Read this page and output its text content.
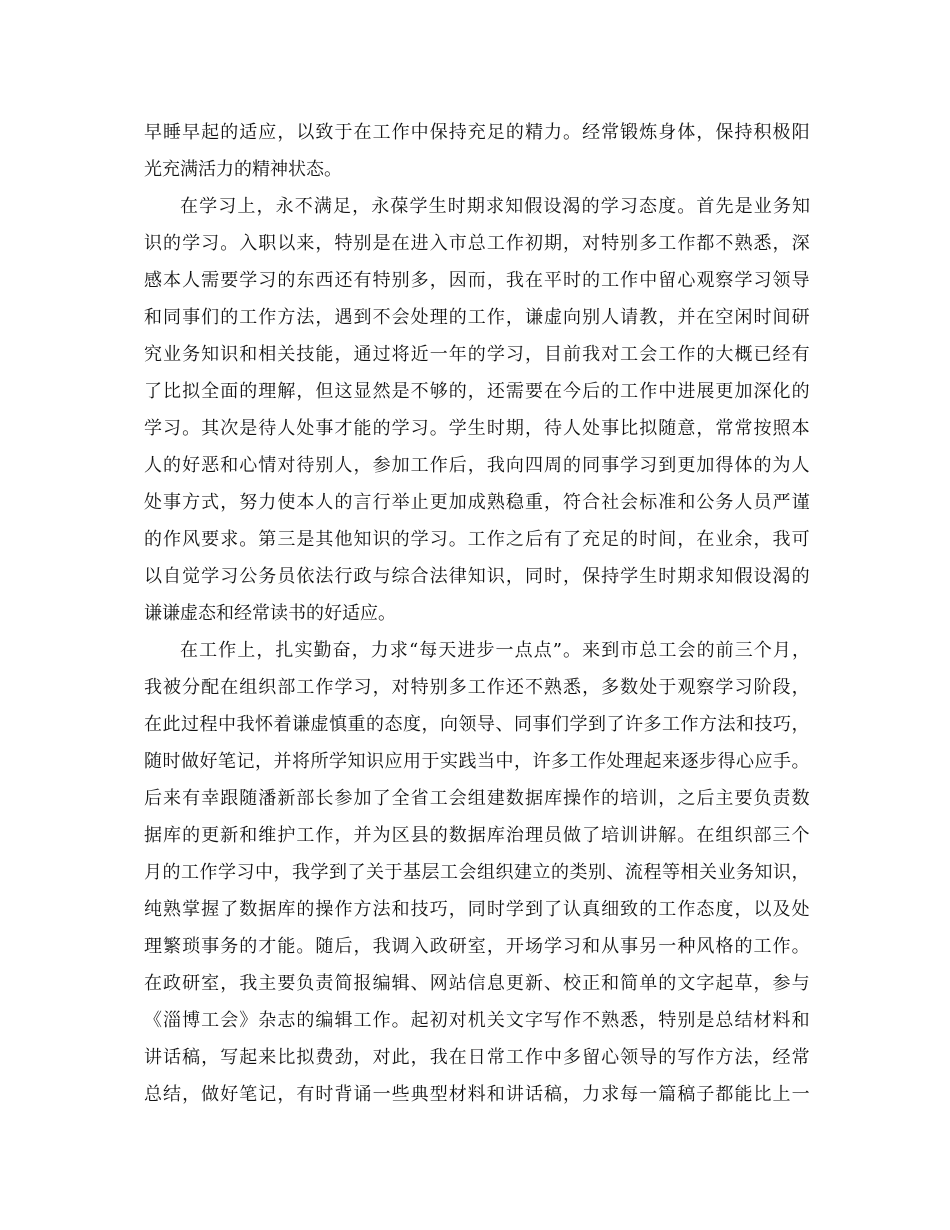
早 睡 早 起 的 适 应 ， 以 致 于 在 工 作 中 保 持 充 足 的 精 力 。 经 常 锻 炼 身 体 ， 保 持 积 极 阳
光充满活力的精神状态。
在 学 习 上 ， 永 不 满 足 ， 永 葆 学 生 时 期 求 知 假 设 渴 的 学 习 态 度 。 首 先 是 业 务 知
识 的 学 习 。 入 职 以 来 ， 特 别 是 在 进 入 市 总 工 作 初 期 ， 对 特 别 多 工 作 都 不 熟 悉 ， 深
感 本 人 需 要 学 习 的 东 西 还 有 特 别 多 ， 因 而 ， 我 在 平 时 的 工 作 中 留 心 观 察 学 习 领 导
和 同 事 们 的 工 作 方 法 ， 遇 到 不 会 处 理 的 工 作 ， 谦 虚 向 别 人 请 教 ， 并 在 空 闲 时 间 研
究 业 务 知 识 和 相 关 技 能 ， 通 过 将 近 一 年 的 学 习 ， 目 前 我 对 工 会 工 作 的 大 概 已 经 有
了 比 拟 全 面 的 理 解 ， 但 这 显 然 是 不 够 的 ， 还 需 要 在 今 后 的 工 作 中 进 展 更 加 深 化 的
学 习 。 其 次 是 待 人 处 事 才 能 的 学 习 。 学 生 时 期 ， 待 人 处 事 比 拟 随 意 ， 常 常 按 照 本
人 的 好 恶 和 心 情 对 待 别 人 ， 参 加 工 作 后 ， 我 向 四 周 的 同 事 学 习 到 更 加 得 体 的 为 人
处 事 方 式 ， 努 力 使 本 人 的 言 行 举 止 更 加 成 熟 稳 重 ， 符 合 社 会 标 准 和 公 务 人 员 严 谨
的 作 风 要 求 。 第 三 是 其 他 知 识 的 学 习 。 工 作 之 后 有 了 充 足 的 时 间 ， 在 业 余 ， 我 可
以 自 觉 学 习 公 务 员 依 法 行 政 与 综 合 法 律 知 识 ， 同 时 ， 保 持 学 生 时 期 求 知 假 设 渴 的
谦谦虚态和经常读书的好适应。
在 工 作 上 ， 扎 实 勤 奋 ， 力 求 “ 每 天 进 步 一 点 点 ” 。 来 到 市 总 工 会 的 前 三 个 月 ，
我 被 分 配 在 组 织 部 工 作 学 习 ， 对 特 别 多 工 作 还 不 熟 悉 ， 多 数 处 于 观 察 学 习 阶 段 ，
在 此 过 程 中 我 怀 着 谦 虚 慎 重 的 态 度 ， 向 领 导 、 同 事 们 学 到 了 许 多 工 作 方 法 和 技 巧 ，
随 时 做 好 笔 记 ， 并 将 所 学 知 识 应 用 于 实 践 当 中 ， 许 多 工 作 处 理 起 来 逐 步 得 心 应 手 。
后 来 有 幸 跟 随 潘 新 部 长 参 加 了 全 省 工 会 组 建 数 据 库 操 作 的 培 训 ， 之 后 主 要 负 责 数
据 库 的 更 新 和 维 护 工 作 ， 并 为 区 县 的 数 据 库 治 理 员 做 了 培 训 讲 解 。 在 组 织 部 三 个
月 的 工 作 学 习 中 ， 我 学 到 了 关 于 基 层 工 会 组 织 建 立 的 类 别 、 流 程 等 相 关 业 务 知 识 ，
纯 熟 掌 握 了 数 据 库 的 操 作 方 法 和 技 巧 ， 同 时 学 到 了 认 真 细 致 的 工 作 态 度 ， 以 及 处
理 繁 琐 事 务 的 才 能 。 随 后 ， 我 调 入 政 研 室 ， 开 场 学 习 和 从 事 另 一 种 风 格 的 工 作 。
在 政 研 室 ， 我 主 要 负 责 简 报 编 辑 、 网 站 信 息 更 新 、 校 正 和 简 单 的 文 字 起 草 ， 参 与
《 淄 博 工 会 》 杂 志 的 编 辑 工 作 。 起 初 对 机 关 文 字 写 作 不 熟 悉 ， 特 别 是 总 结 材 料 和
讲 话 稿 ， 写 起 来 比 拟 费 劲 ， 对 此 ， 我 在 日 常 工 作 中 多 留 心 领 导 的 写 作 方 法 ， 经 常
总 结 ， 做 好 笔 记 ， 有 时 背 诵 一 些 典 型 材 料 和 讲 话 稿 ， 力 求 每 一 篇 稿 子 都 能 比 上 一
